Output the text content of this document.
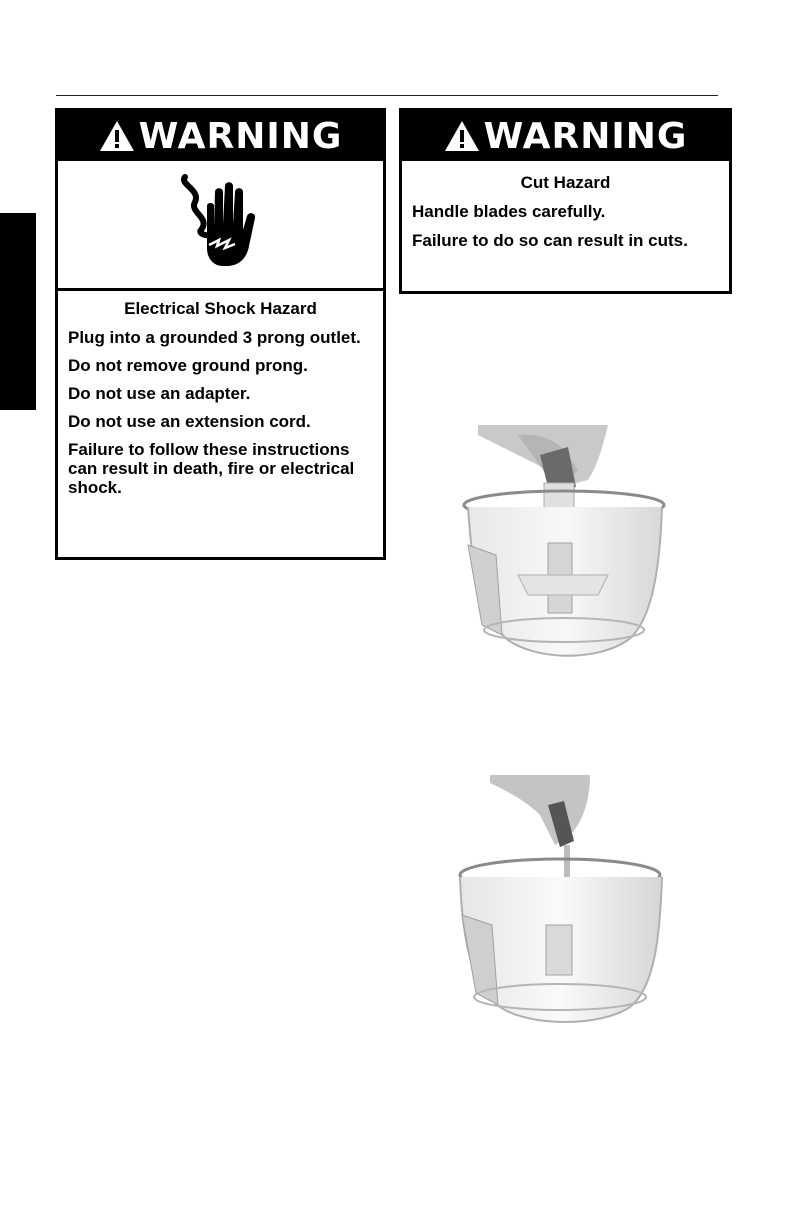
WARNING
Electrical Shock Hazard

Plug into a grounded 3 prong outlet.

Do not remove ground prong.

Do not use an adapter.

Do not use an extension cord.

Failure to follow these instructions can result in death, fire or electrical shock.

WARNING
Cut Hazard

Handle blades carefully.

Failure to do so can result in cuts.
